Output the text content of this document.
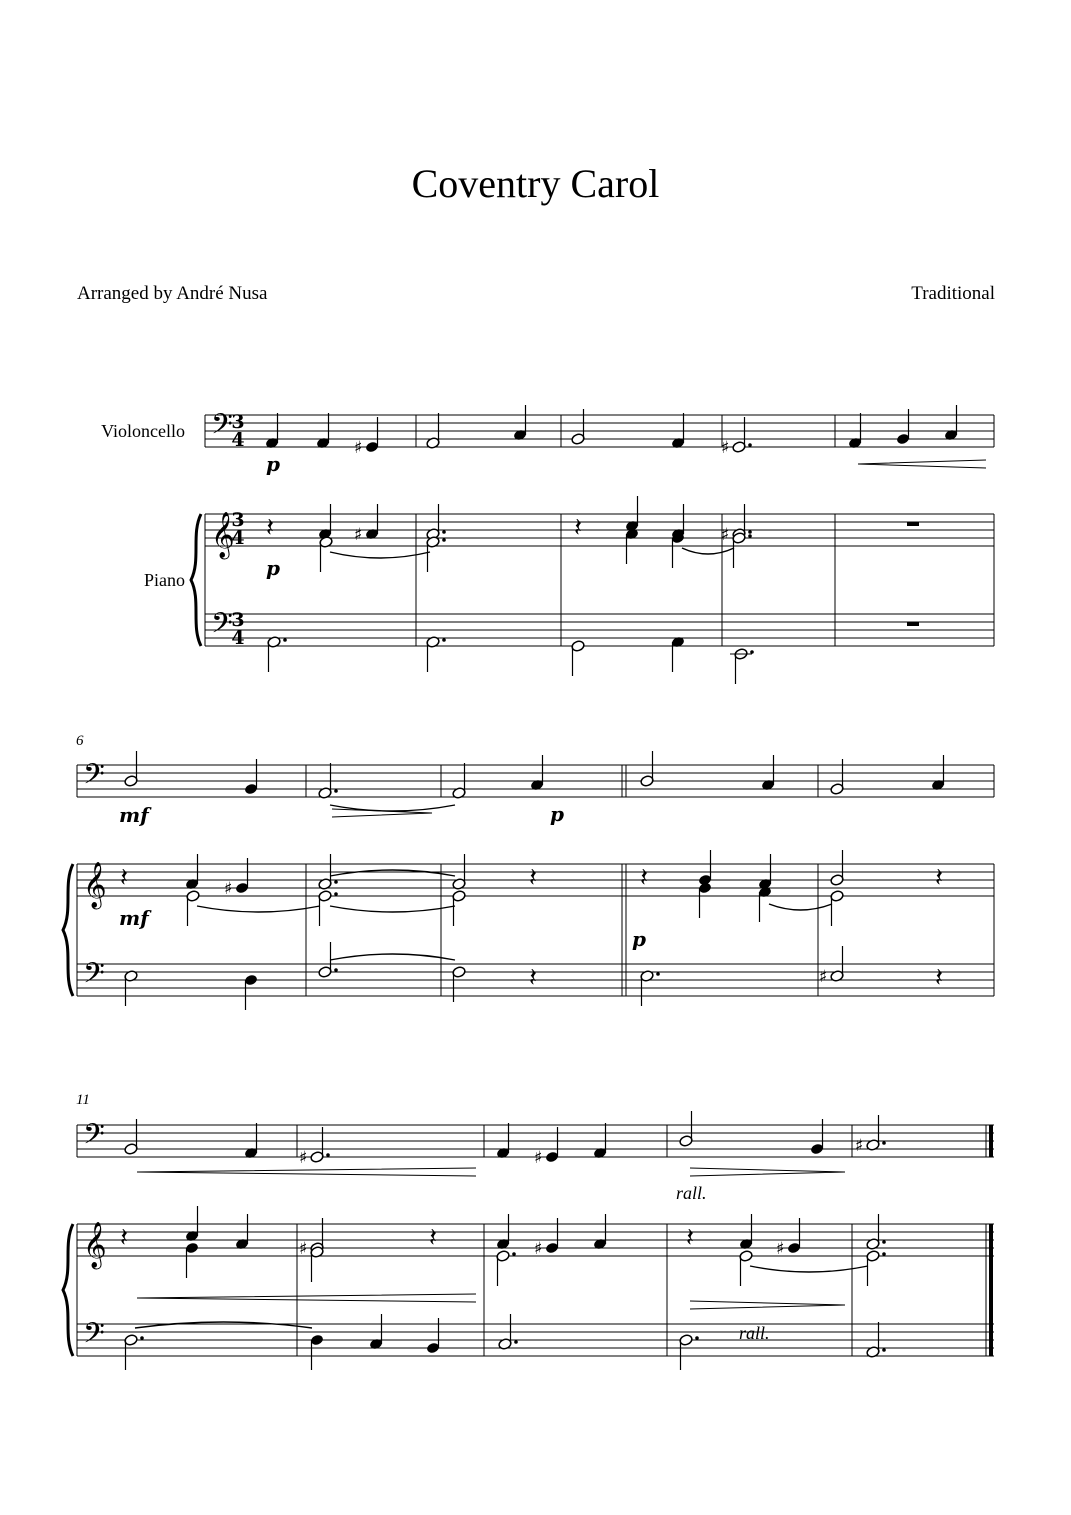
Coventry Carol
Arranged by André Nusa	Traditional
𝄢
𝄢
𝄞
𝄢
𝄢
𝄞
𝄢
𝄢
𝄞
♯	♯
𝄽	♯	𝄽	♯
𝄽	♯	𝄽	𝄽	𝄽
𝄽	♯	𝄽
♯	♯
♯
𝄽	♯	𝄽	♯	𝄽	♯
Violoncello
Piano
6
11
3
4
3
4
3
4
p
p
mf	p
mf
p
rall.
rall.
